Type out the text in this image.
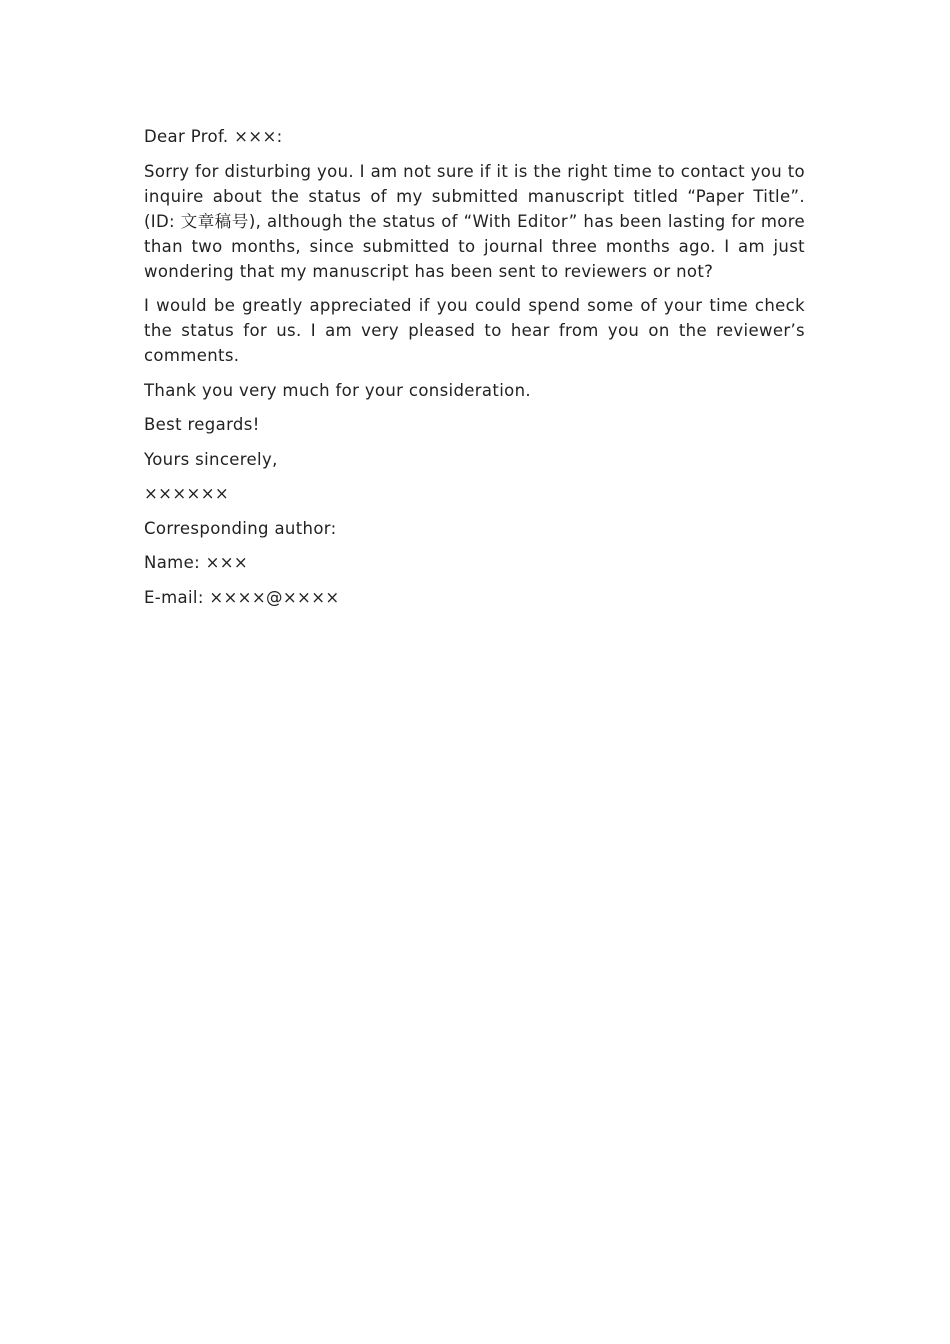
Dear Prof. ×××:

Sorry for disturbing you. I am not sure if it is the right time to contact you to inquire about the status of my submitted manuscript titled “Paper Title”. (ID: 文章稿号), although the status of “With Editor” has been lasting for more than two months, since submitted to journal three months ago. I am just wondering that my manuscript has been sent to reviewers or not?

I would be greatly appreciated if you could spend some of your time check the status for us. I am very pleased to hear from you on the reviewer’s comments.

Thank you very much for your consideration.

Best regards!

Yours sincerely,

××××××

Corresponding author:

Name: ×××

E-mail: ××××@××××
